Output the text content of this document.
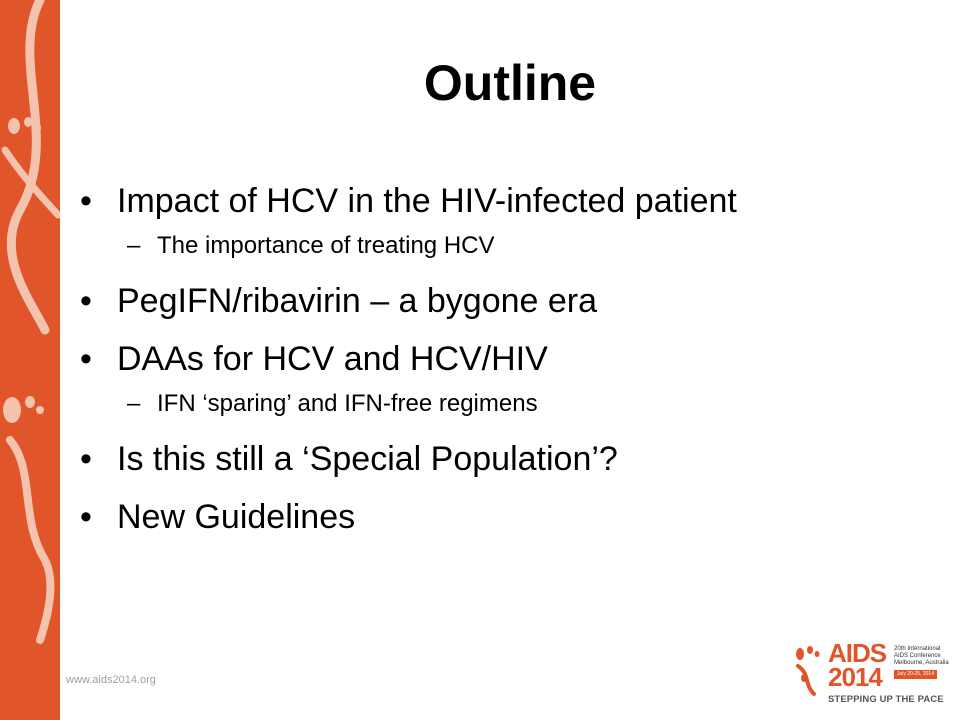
Outline
• Impact of HCV in the HIV-infected patient
– The importance of treating HCV
• PegIFN/ribavirin – a bygone era
• DAAs for HCV and HCV/HIV
– IFN ‘sparing’ and IFN-free regimens
• Is this still a ‘Special Population’?
• New Guidelines
www.aids2014.org
AIDS
2014
20th International AIDS Conference
Melbourne, Australia
July 20-25, 2014
STEPPING UP THE PACE
